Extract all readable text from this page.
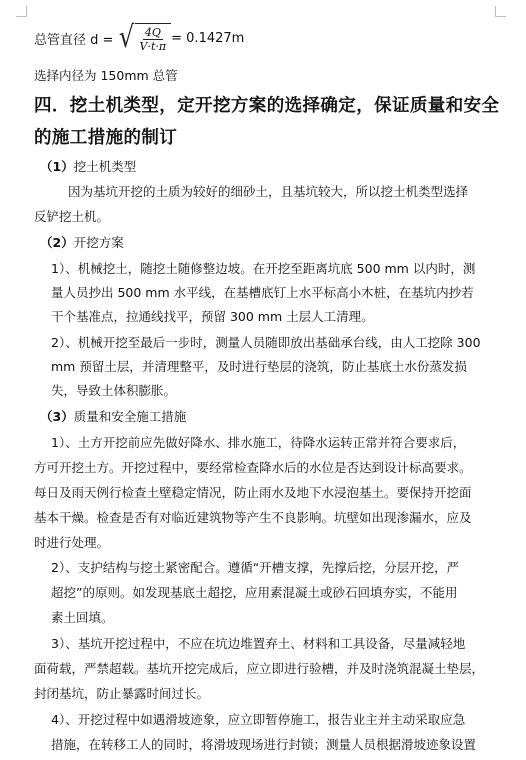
总管直径 d = √ $\frac{4Q}{V\cdot t\cdot\pi} = 0.1427m$
选择内径为 150mm 总管
四．挖土机类型，定开挖方案的选择确定，保证质量和安全
的施工措施的制订
（1）挖土机类型
因为基坑开挖的土质为较好的细砂土，且基坑较大，所以挖土机类型选择
反铲挖土机。
（2）开挖方案
1）、机械挖土，随挖土随修整边坡。在开挖至距离坑底 500 mm 以内时，测
量人员抄出 500 mm 水平线，在基槽底钉上水平标高小木桩，在基坑内抄若
干个基准点，拉通线找平，预留 300 mm 土层人工清理。
2）、机械开挖至最后一步时，测量人员随即放出基础承台线，由人工挖除 300
mm 预留土层，并清理整平，及时进行垫层的浇筑，防止基底土水份蒸发损
失，导致土体积膨胀。
（3）质量和安全施工措施
1）、土方开挖前应先做好降水、排水施工，待降水运转正常并符合要求后，
方可开挖土方。开挖过程中，要经常检查降水后的水位是否达到设计标高要求。
每日及雨天例行检查土壁稳定情况，防止雨水及地下水浸泡基土。要保持开挖面
基本干燥。检查是否有对临近建筑物等产生不良影响。坑壁如出现渗漏水，应及
时进行处理。
2）、支护结构与挖土紧密配合。遵循“开槽支撑，先撑后挖，分层开挖，严
超挖”的原则。如发现基底土超挖，应用素混凝土或砂石回填夯实，不能用
素土回填。
3）、基坑开挖过程中，不应在坑边堆置弃土、材料和工具设备，尽量减轻地
面荷载，严禁超载。基坑开挖完成后，应立即进行验槽，并及时浇筑混凝土垫层，
封闭基坑，防止暴露时间过长。
4）、开挖过程中如遇滑坡迹象，应立即暂停施工，报告业主并主动采取应急
措施，在转移工人的同时，将滑坡现场进行封锁；测量人员根据滑坡迹象设置
